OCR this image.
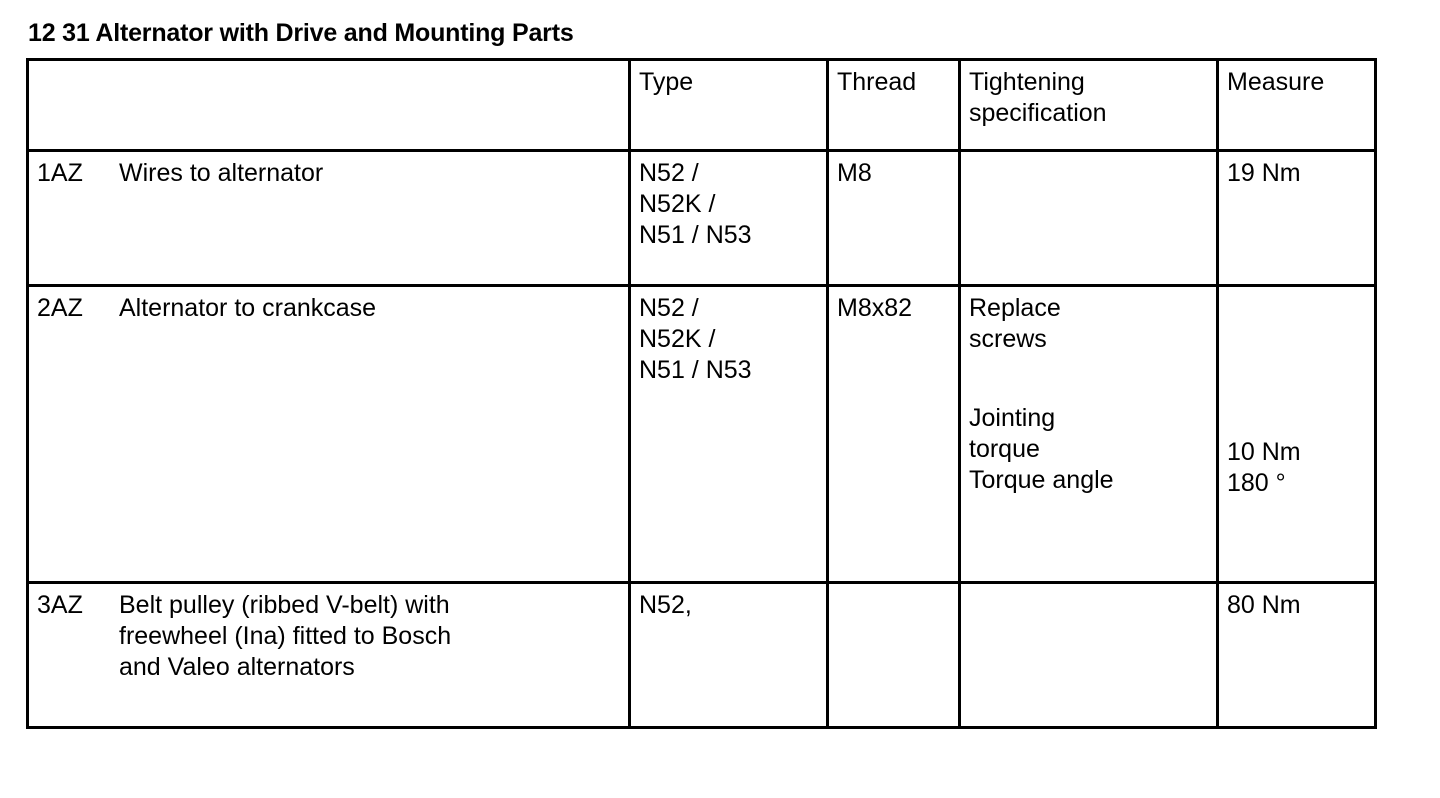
12 31 Alternator with Drive and Mounting Parts
	Type	Thread	Tightening specification	Measure
1AZ Wires to alternator	N52 /
N52K /
N51 / N53	M8		19 Nm

2AZ Alternator to crankcase	N52 /
N52K /
N51 / N53	M8x82	Replace
screws
Jointing
torque
Torque angle	10 Nm
180 °

3AZ Belt pulley (ribbed V-belt) with
freewheel (Ina) fitted to Bosch
and Valeo alternators	N52,			80 Nm
